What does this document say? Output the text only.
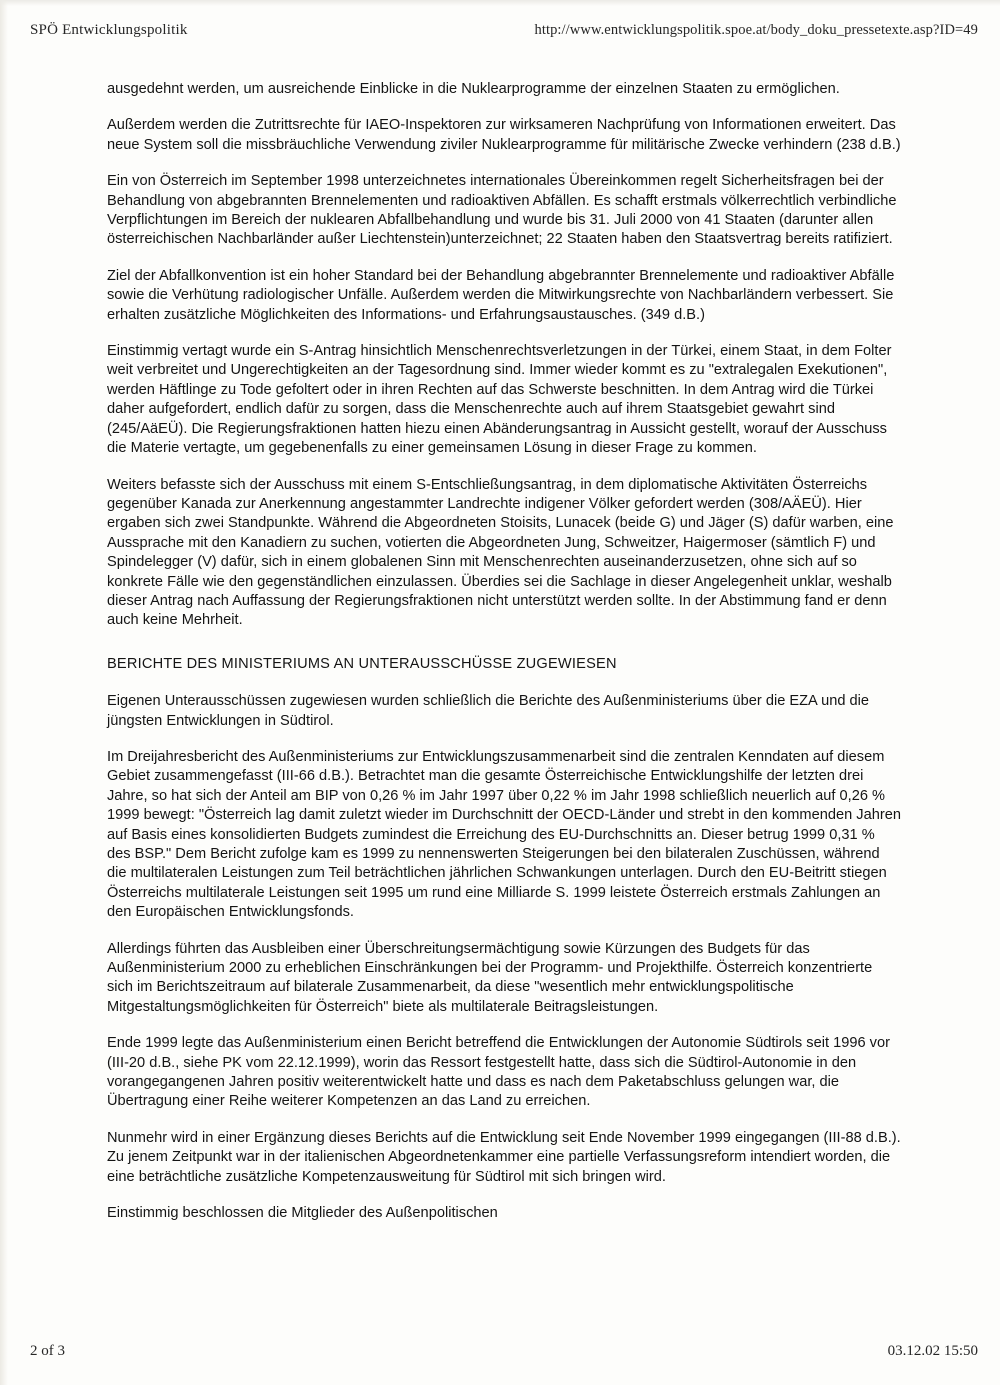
SPÖ Entwicklungspolitik	http://www.entwicklungspolitik.spoe.at/body_doku_pressetexte.asp?ID=49

ausgedehnt werden, um ausreichende Einblicke in die Nuklearprogramme der einzelnen Staaten zu ermöglichen.

Außerdem werden die Zutrittsrechte für IAEO-Inspektoren zur wirksameren Nachprüfung von Informationen erweitert. Das neue System soll die missbräuchliche Verwendung ziviler Nuklearprogramme für militärische Zwecke verhindern (238 d.B.)

Ein von Österreich im September 1998 unterzeichnetes internationales Übereinkommen regelt Sicherheitsfragen bei der Behandlung von abgebrannten Brennelementen und radioaktiven Abfällen. Es schafft erstmals völkerrechtlich verbindliche Verpflichtungen im Bereich der nuklearen Abfallbehandlung und wurde bis 31. Juli 2000 von 41 Staaten (darunter allen österreichischen Nachbarländer außer Liechtenstein)unterzeichnet; 22 Staaten haben den Staatsvertrag bereits ratifiziert.

Ziel der Abfallkonvention ist ein hoher Standard bei der Behandlung abgebrannter Brennelemente und radioaktiver Abfälle sowie die Verhütung radiologischer Unfälle. Außerdem werden die Mitwirkungsrechte von Nachbarländern verbessert. Sie erhalten zusätzliche Möglichkeiten des Informations- und Erfahrungsaustausches. (349 d.B.)

Einstimmig vertagt wurde ein S-Antrag hinsichtlich Menschenrechtsverletzungen in der Türkei, einem Staat, in dem Folter weit verbreitet und Ungerechtigkeiten an der Tagesordnung sind. Immer wieder kommt es zu "extralegalen Exekutionen", werden Häftlinge zu Tode gefoltert oder in ihren Rechten auf das Schwerste beschnitten. In dem Antrag wird die Türkei daher aufgefordert, endlich dafür zu sorgen, dass die Menschenrechte auch auf ihrem Staatsgebiet gewahrt sind (245/AäEÜ). Die Regierungsfraktionen hatten hiezu einen Abänderungsantrag in Aussicht gestellt, worauf der Ausschuss die Materie vertagte, um gegebenenfalls zu einer gemeinsamen Lösung in dieser Frage zu kommen.

Weiters befasste sich der Ausschuss mit einem S-Entschließungsantrag, in dem diplomatische Aktivitäten Österreichs gegenüber Kanada zur Anerkennung angestammter Landrechte indigener Völker gefordert werden (308/AÄEÜ). Hier ergaben sich zwei Standpunkte. Während die Abgeordneten Stoisits, Lunacek (beide G) und Jäger (S) dafür warben, eine Aussprache mit den Kanadiern zu suchen, votierten die Abgeordneten Jung, Schweitzer, Haigermoser (sämtlich F) und Spindelegger (V) dafür, sich in einem globalenen Sinn mit Menschenrechten auseinanderzusetzen, ohne sich auf so konkrete Fälle wie den gegenständlichen einzulassen. Überdies sei die Sachlage in dieser Angelegenheit unklar, weshalb dieser Antrag nach Auffassung der Regierungsfraktionen nicht unterstützt werden sollte. In der Abstimmung fand er denn auch keine Mehrheit.

BERICHTE DES MINISTERIUMS AN UNTERAUSSCHÜSSE ZUGEWIESEN

Eigenen Unterausschüssen zugewiesen wurden schließlich die Berichte des Außenministeriums über die EZA und die jüngsten Entwicklungen in Südtirol.

Im Dreijahresbericht des Außenministeriums zur Entwicklungszusammenarbeit sind die zentralen Kenndaten auf diesem Gebiet zusammengefasst (III-66 d.B.). Betrachtet man die gesamte Österreichische Entwicklungshilfe der letzten drei Jahre, so hat sich der Anteil am BIP von 0,26 % im Jahr 1997 über 0,22 % im Jahr 1998 schließlich neuerlich auf 0,26 % 1999 bewegt: "Österreich lag damit zuletzt wieder im Durchschnitt der OECD-Länder und strebt in den kommenden Jahren auf Basis eines konsolidierten Budgets zumindest die Erreichung des EU-Durchschnitts an. Dieser betrug 1999 0,31 % des BSP." Dem Bericht zufolge kam es 1999 zu nennenswerten Steigerungen bei den bilateralen Zuschüssen, während die multilateralen Leistungen zum Teil beträchtlichen jährlichen Schwankungen unterlagen. Durch den EU-Beitritt stiegen Österreichs multilaterale Leistungen seit 1995 um rund eine Milliarde S. 1999 leistete Österreich erstmals Zahlungen an den Europäischen Entwicklungsfonds.

Allerdings führten das Ausbleiben einer Überschreitungsermächtigung sowie Kürzungen des Budgets für das Außenministerium 2000 zu erheblichen Einschränkungen bei der Programm- und Projekthilfe. Österreich konzentrierte sich im Berichtszeitraum auf bilaterale Zusammenarbeit, da diese "wesentlich mehr entwicklungspolitische Mitgestaltungsmöglichkeiten für Österreich" biete als multilaterale Beitragsleistungen.

Ende 1999 legte das Außenministerium einen Bericht betreffend die Entwicklungen der Autonomie Südtirols seit 1996 vor (III-20 d.B., siehe PK vom 22.12.1999), worin das Ressort festgestellt hatte, dass sich die Südtirol-Autonomie in den vorangegangenen Jahren positiv weiterentwickelt hatte und dass es nach dem Paketabschluss gelungen war, die Übertragung einer Reihe weiterer Kompetenzen an das Land zu erreichen.

Nunmehr wird in einer Ergänzung dieses Berichts auf die Entwicklung seit Ende November 1999 eingegangen (III-88 d.B.). Zu jenem Zeitpunkt war in der italienischen Abgeordnetenkammer eine partielle Verfassungsreform intendiert worden, die eine beträchtliche zusätzliche Kompetenzausweitung für Südtirol mit sich bringen wird.

Einstimmig beschlossen die Mitglieder des Außenpolitischen

2 of 3	03.12.02 15:50
